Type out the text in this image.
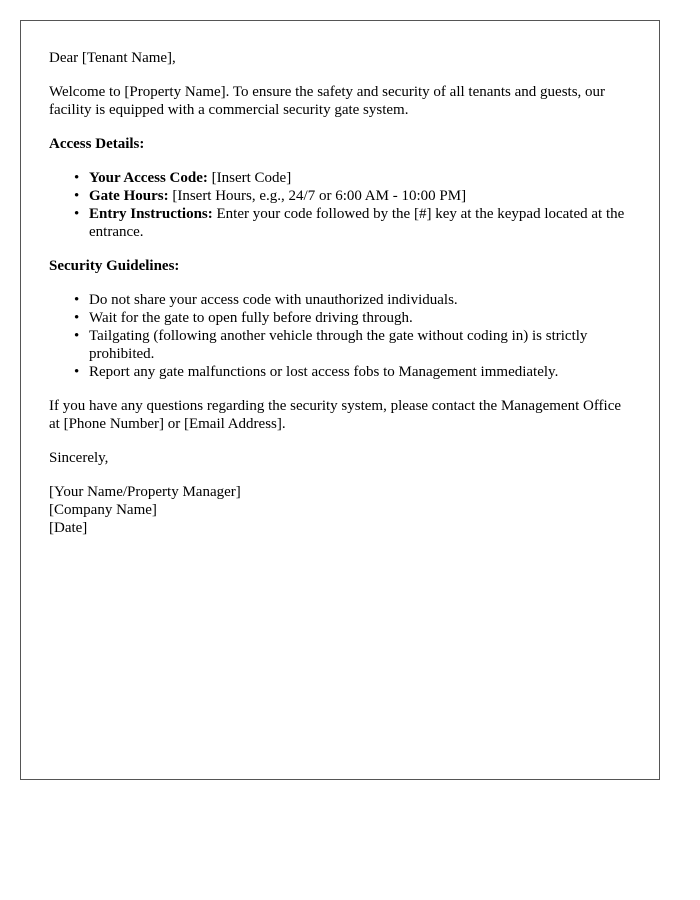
Dear [Tenant Name],

Welcome to [Property Name]. To ensure the safety and security of all tenants and guests, our facility is equipped with a commercial security gate system.

Access Details:
• Your Access Code: [Insert Code]
• Gate Hours: [Insert Hours, e.g., 24/7 or 6:00 AM - 10:00 PM]
• Entry Instructions: Enter your code followed by the [#] key at the keypad located at the entrance.
Security Guidelines:
• Do not share your access code with unauthorized individuals.
• Wait for the gate to open fully before driving through.
• Tailgating (following another vehicle through the gate without coding in) is strictly prohibited.
• Report any gate malfunctions or lost access fobs to Management immediately.

If you have any questions regarding the security system, please contact the Management Office at [Phone Number] or [Email Address].

Sincerely,

[Your Name/Property Manager]
[Company Name]
[Date]
